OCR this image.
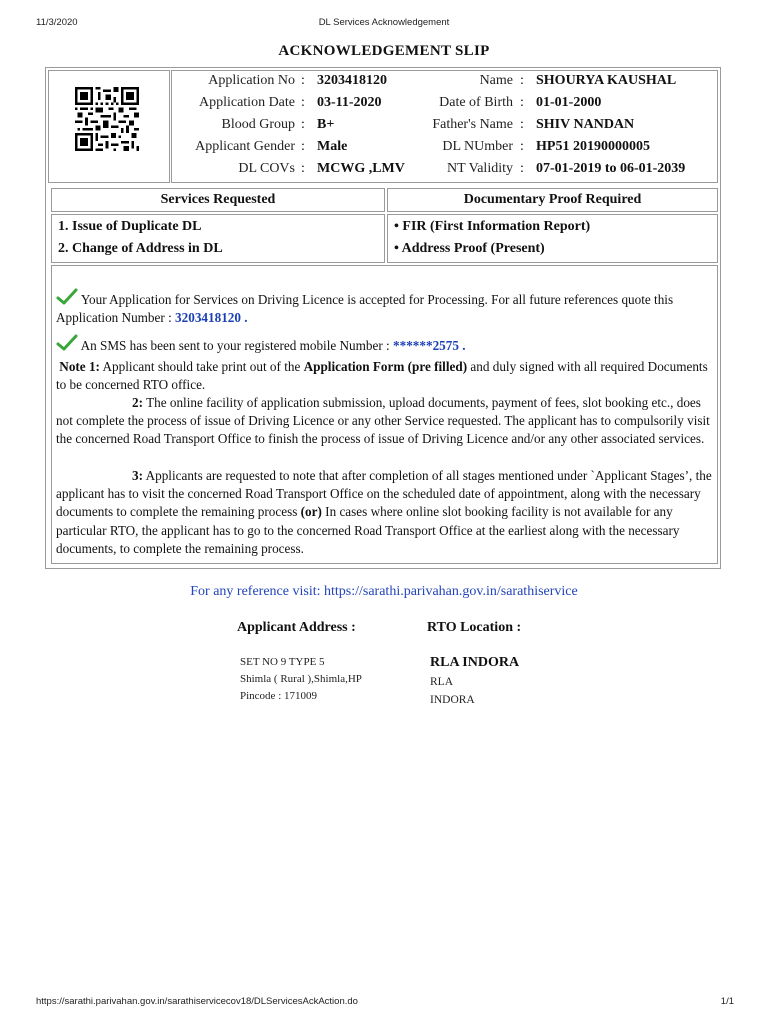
11/3/2020	DL Services Acknowledgement
ACKNOWLEDGEMENT SLIP
Application No : 3203418120	Name : SHOURYA KAUSHAL
Application Date : 03-11-2020	Date of Birth : 01-01-2000
Blood Group : B+	Father's Name : SHIV NANDAN
Applicant Gender : Male	DL NUmber : HP51 20190000005
DL COVs : MCWG ,LMV	NT Validity : 07-01-2019 to 06-01-2039
Services Requested	Documentary Proof Required
1. Issue of Duplicate DL
2. Change of Address in DL
• FIR (First Information Report)
• Address Proof (Present)

Your Application for Services on Driving Licence is accepted for Processing. For all future references quote this Application Number : 3203418120 .

An SMS has been sent to your registered mobile Number : ******2575 .

Note 1: Applicant should take print out of the Application Form (pre filled) and duly signed with all required Documents to be concerned RTO office.

2: The online facility of application submission, upload documents, payment of fees, slot booking etc., does not complete the process of issue of Driving Licence or any other Service requested. The applicant has to compulsorily visit the concerned Road Transport Office to finish the process of issue of Driving Licence and/or any other associated services.

3: Applicants are requested to note that after completion of all stages mentioned under `Applicant Stages’, the applicant has to visit the concerned Road Transport Office on the scheduled date of appointment, along with the necessary documents to complete the remaining process (or) In cases where online slot booking facility is not available for any particular RTO, the applicant has to go to the concerned Road Transport Office at the earliest along with the necessary documents, to complete the remaining process.

For any reference visit: https://sarathi.parivahan.gov.in/sarathiservice
Applicant Address :	RTO Location :
SET NO 9 TYPE 5
Shimla ( Rural ),Shimla,HP
Pincode : 171009
RLA INDORA
RLA
INDORA
https://sarathi.parivahan.gov.in/sarathiservicecov18/DLServicesAckAction.do	1/1
